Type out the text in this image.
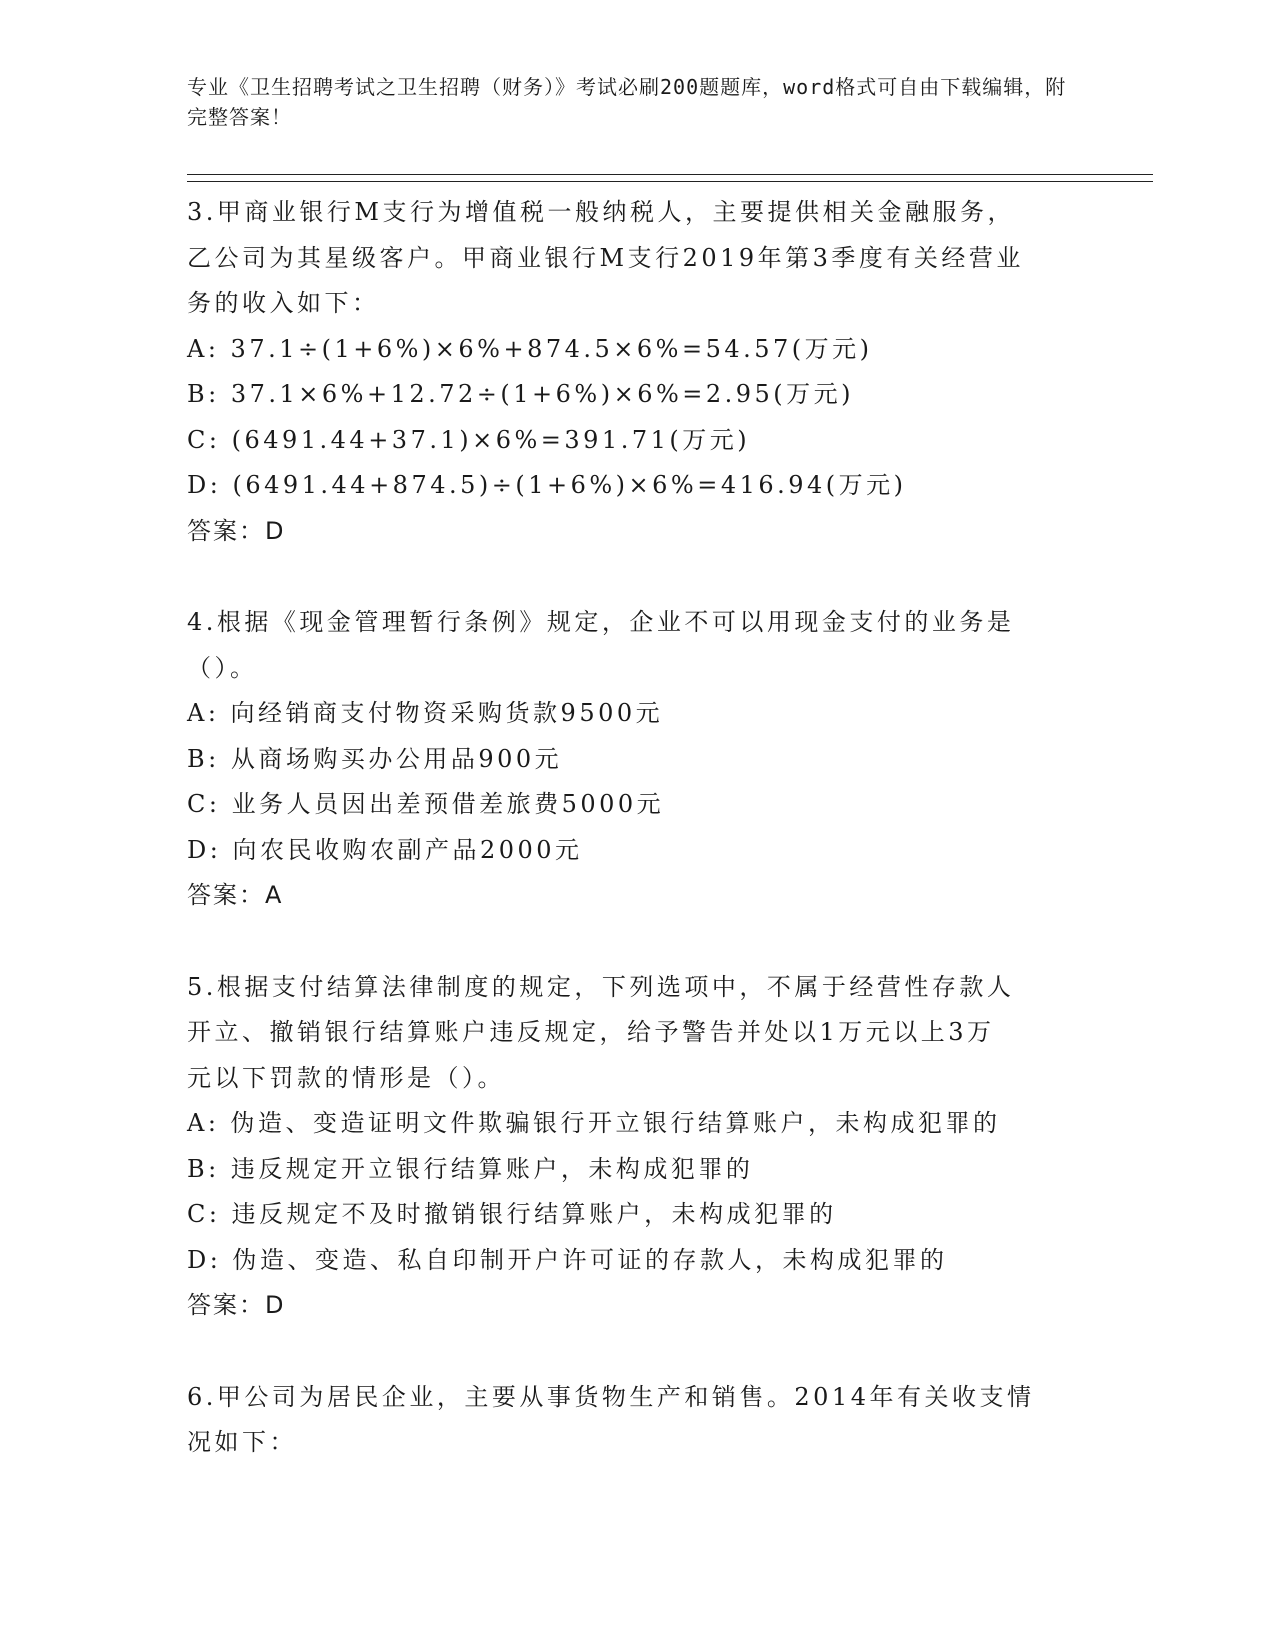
专业《卫生招聘考试之卫生招聘（财务）》考试必刷200题题库，word格式可自由下载编辑，附完整答案！
3.甲商业银行M支行为增值税一般纳税人，主要提供相关金融服务，
乙公司为其星级客户。甲商业银行M支行2019年第3季度有关经营业
务的收入如下：
A: 37.1÷(1+6%)×6%+874.5×6%=54.57(万元)
B: 37.1×6%+12.72÷(1+6%)×6%=2.95(万元)
C: (6491.44+37.1)×6%=391.71(万元)
D: (6491.44+874.5)÷(1+6%)×6%=416.94(万元)
答案：D
4.根据《现金管理暂行条例》规定，企业不可以用现金支付的业务是
（）。
A: 向经销商支付物资采购货款9500元
B: 从商场购买办公用品900元
C: 业务人员因出差预借差旅费5000元
D: 向农民收购农副产品2000元
答案：A
5.根据支付结算法律制度的规定，下列选项中，不属于经营性存款人
开立、撤销银行结算账户违反规定，给予警告并处以1万元以上3万
元以下罚款的情形是（）。
A: 伪造、变造证明文件欺骗银行开立银行结算账户，未构成犯罪的
B: 违反规定开立银行结算账户，未构成犯罪的
C: 违反规定不及时撤销银行结算账户，未构成犯罪的
D: 伪造、变造、私自印制开户许可证的存款人，未构成犯罪的
答案：D
6.甲公司为居民企业，主要从事货物生产和销售。2014年有关收支情
况如下：
